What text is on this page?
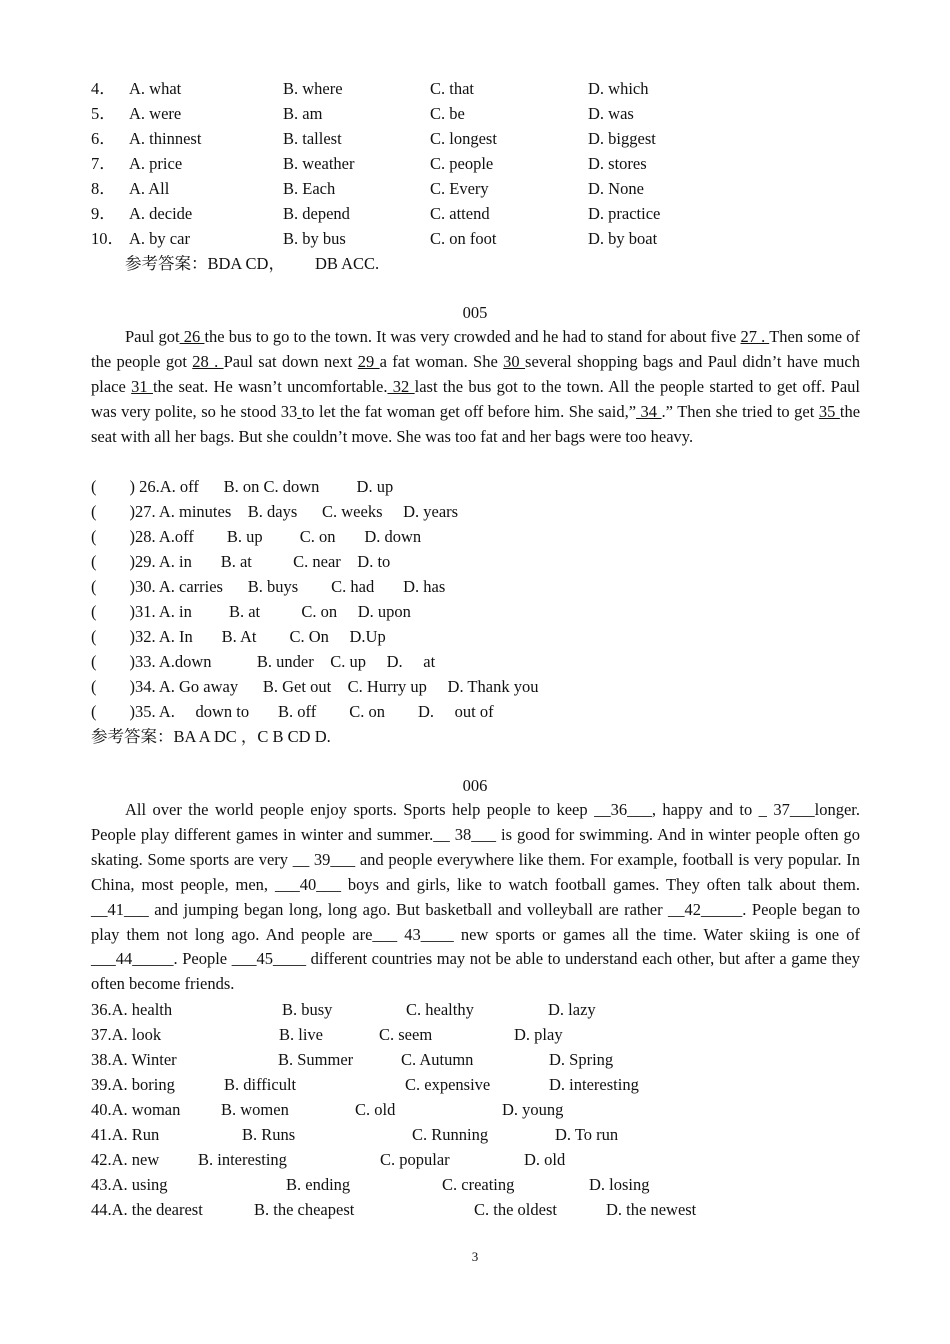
4． A. what	B. where	C. that	D. which
5． A. were	B. am	C. be	D. was
6． A. thinnest	B. tallest	C. longest	D. biggest
7． A. price	B. weather	C. people	D. stores
8． A. All	B. Each	C. Every	D. None
9． A. decide	B. depend	C. attend	D. practice
10． A. by car	B. by bus	C. on foot	D. by boat
参考答案：BDA CD， DB ACC.
005
Paul got 26 the bus to go to the town. It was very crowded and he had to stand for about five 27 . Then some of the people got 28 . Paul sat down next 29 a fat woman. She 30 several shopping bags and Paul didn’t have much place 31 the seat. He wasn’t uncomfortable. 32 last the bus got to the town. All the people started to get off. Paul was very polite, so he stood 33 to let the fat woman get off before him. She said,” 34 .” Then she tried to get 35 the seat with all her bags. But she couldn’t move. She was too fat and her bags were too heavy.
(        ) 26.A. off      B. on C. down         D. up
(        )27. A. minutes    B. days      C. weeks     D. years
(        )28. A.off        B. up         C. on       D. down
(        )29. A. in       B. at          C. near    D. to
(        )30. A. carries      B. buys        C. had       D. has
(        )31. A. in         B. at          C. on     D. upon
(        )32. A. In       B. At        C. On     D.Up
(        )33. A.down           B. under    C. up     D.     at
(        )34. A. Go away      B. Get out    C. Hurry up     D. Thank you
(        )35. A.     down to       B. off        C. on        D.     out of
参考答案：BA A DC ，C B CD D.
006
All over the world people enjoy sports. Sports help people to keep __36___, happy and to _ 37___longer. People play different games in winter and summer.__ 38___ is good for swimming. And in winter people often go skating. Some sports are very __ 39___ and people everywhere like them. For example, football is very popular. In China, most people, men, ___40___ boys and girls, like to watch football games. They often talk about them. __41___ and jumping began long, long ago. But basketball and volleyball are rather __42_____. People began to play them not long ago. And people are___ 43____ new sports or games all the time. Water skiing is one of ___44_____. People ___45____ different countries may not be able to understand each other, but after a game they often become friends.
36.A. health	B. busy	C. healthy	D. lazy
37.A. look	B. live	C. seem	D. play
38.A. Winter	B. Summer	C. Autumn	D. Spring
39.A. boring	B. difficult	C. expensive	D. interesting
40.A. woman B. women	C. old	D. young
41.A. Run	B. Runs	C. Running	D. To run
42.A. new B. interesting	C. popular	D. old
43.A. using	B. ending	C. creating	D. losing
44.A. the dearest	B. the cheapest	C. the oldest	D. the newest
3
